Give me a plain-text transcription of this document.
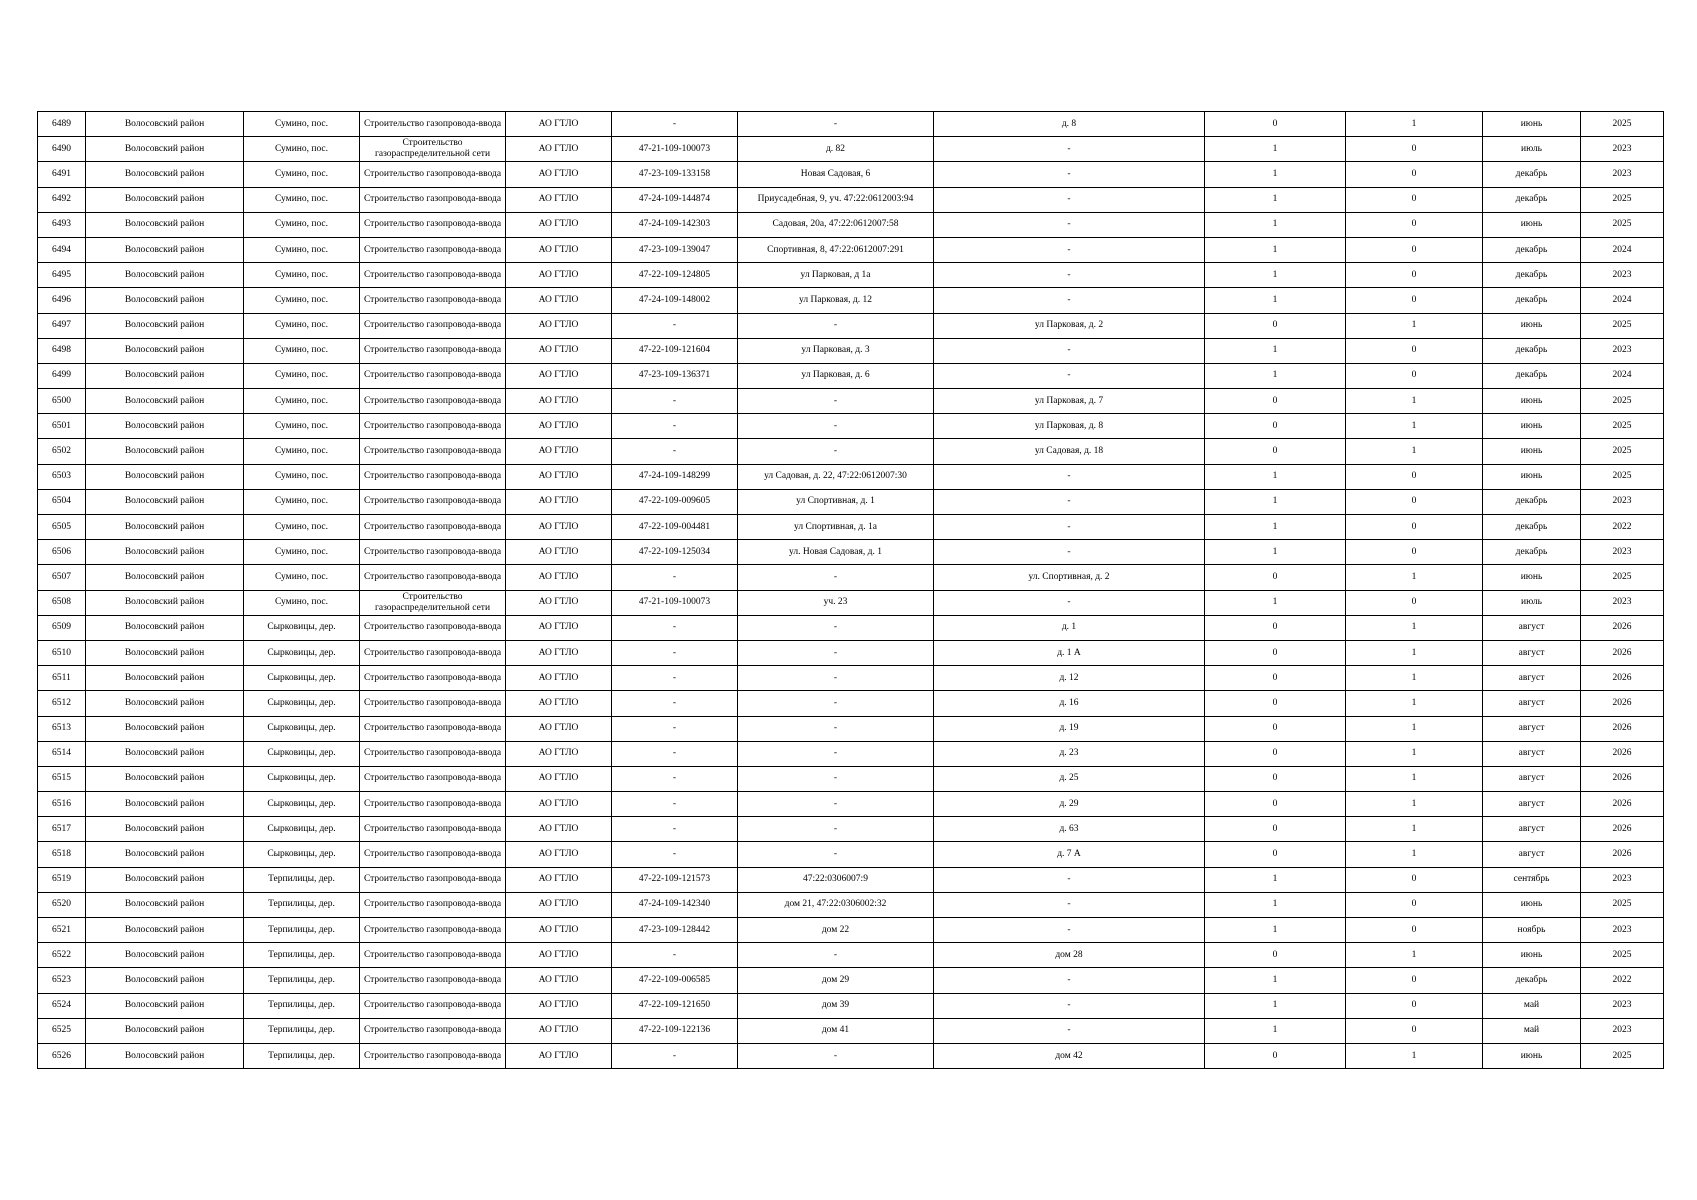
6489	Волосовский район	Сумино, пос.	Строительство газопровода-ввода	АО ГТЛО	-	-	д. 8	0	1	июнь	2025
6490	Волосовский район	Сумино, пос.	Строительство газораспределительной сети	АО ГТЛО	47-21-109-100073	д. 82	-	1	0	июль	2023
6491	Волосовский район	Сумино, пос.	Строительство газопровода-ввода	АО ГТЛО	47-23-109-133158	Новая Садовая, 6	-	1	0	декабрь	2023
6492	Волосовский район	Сумино, пос.	Строительство газопровода-ввода	АО ГТЛО	47-24-109-144874	Приусадебная, 9, уч. 47:22:0612003:94	-	1	0	декабрь	2025
6493	Волосовский район	Сумино, пос.	Строительство газопровода-ввода	АО ГТЛО	47-24-109-142303	Садовая, 20а, 47:22:0612007:58	-	1	0	июнь	2025
6494	Волосовский район	Сумино, пос.	Строительство газопровода-ввода	АО ГТЛО	47-23-109-139047	Спортивная, 8, 47:22:0612007:291	-	1	0	декабрь	2024
6495	Волосовский район	Сумино, пос.	Строительство газопровода-ввода	АО ГТЛО	47-22-109-124805	ул Парковая, д 1а	-	1	0	декабрь	2023
6496	Волосовский район	Сумино, пос.	Строительство газопровода-ввода	АО ГТЛО	47-24-109-148002	ул Парковая, д. 12	-	1	0	декабрь	2024
6497	Волосовский район	Сумино, пос.	Строительство газопровода-ввода	АО ГТЛО	-	-	ул Парковая, д. 2	0	1	июнь	2025
6498	Волосовский район	Сумино, пос.	Строительство газопровода-ввода	АО ГТЛО	47-22-109-121604	ул Парковая, д. 3	-	1	0	декабрь	2023
6499	Волосовский район	Сумино, пос.	Строительство газопровода-ввода	АО ГТЛО	47-23-109-136371	ул Парковая, д. 6	-	1	0	декабрь	2024
6500	Волосовский район	Сумино, пос.	Строительство газопровода-ввода	АО ГТЛО	-	-	ул Парковая, д. 7	0	1	июнь	2025
6501	Волосовский район	Сумино, пос.	Строительство газопровода-ввода	АО ГТЛО	-	-	ул Парковая, д. 8	0	1	июнь	2025
6502	Волосовский район	Сумино, пос.	Строительство газопровода-ввода	АО ГТЛО	-	-	ул Садовая, д. 18	0	1	июнь	2025
6503	Волосовский район	Сумино, пос.	Строительство газопровода-ввода	АО ГТЛО	47-24-109-148299	ул Садовая, д. 22, 47:22:0612007:30	-	1	0	июнь	2025
6504	Волосовский район	Сумино, пос.	Строительство газопровода-ввода	АО ГТЛО	47-22-109-009605	ул Спортивная, д. 1	-	1	0	декабрь	2023
6505	Волосовский район	Сумино, пос.	Строительство газопровода-ввода	АО ГТЛО	47-22-109-004481	ул Спортивная, д. 1а	-	1	0	декабрь	2022
6506	Волосовский район	Сумино, пос.	Строительство газопровода-ввода	АО ГТЛО	47-22-109-125034	ул. Новая Садовая, д. 1	-	1	0	декабрь	2023
6507	Волосовский район	Сумино, пос.	Строительство газопровода-ввода	АО ГТЛО	-	-	ул. Спортивная, д. 2	0	1	июнь	2025
6508	Волосовский район	Сумино, пос.	Строительство газораспределительной сети	АО ГТЛО	47-21-109-100073	уч. 23	-	1	0	июль	2023
6509	Волосовский район	Сырковицы, дер.	Строительство газопровода-ввода	АО ГТЛО	-	-	д. 1	0	1	август	2026
6510	Волосовский район	Сырковицы, дер.	Строительство газопровода-ввода	АО ГТЛО	-	-	д. 1 А	0	1	август	2026
6511	Волосовский район	Сырковицы, дер.	Строительство газопровода-ввода	АО ГТЛО	-	-	д. 12	0	1	август	2026
6512	Волосовский район	Сырковицы, дер.	Строительство газопровода-ввода	АО ГТЛО	-	-	д. 16	0	1	август	2026
6513	Волосовский район	Сырковицы, дер.	Строительство газопровода-ввода	АО ГТЛО	-	-	д. 19	0	1	август	2026
6514	Волосовский район	Сырковицы, дер.	Строительство газопровода-ввода	АО ГТЛО	-	-	д. 23	0	1	август	2026
6515	Волосовский район	Сырковицы, дер.	Строительство газопровода-ввода	АО ГТЛО	-	-	д. 25	0	1	август	2026
6516	Волосовский район	Сырковицы, дер.	Строительство газопровода-ввода	АО ГТЛО	-	-	д. 29	0	1	август	2026
6517	Волосовский район	Сырковицы, дер.	Строительство газопровода-ввода	АО ГТЛО	-	-	д. 63	0	1	август	2026
6518	Волосовский район	Сырковицы, дер.	Строительство газопровода-ввода	АО ГТЛО	-	-	д. 7 А	0	1	август	2026
6519	Волосовский район	Терпилицы, дер.	Строительство газопровода-ввода	АО ГТЛО	47-22-109-121573	47:22:0306007:9	-	1	0	сентябрь	2023
6520	Волосовский район	Терпилицы, дер.	Строительство газопровода-ввода	АО ГТЛО	47-24-109-142340	дом 21, 47:22:0306002:32	-	1	0	июнь	2025
6521	Волосовский район	Терпилицы, дер.	Строительство газопровода-ввода	АО ГТЛО	47-23-109-128442	дом 22	-	1	0	ноябрь	2023
6522	Волосовский район	Терпилицы, дер.	Строительство газопровода-ввода	АО ГТЛО	-	-	дом 28	0	1	июнь	2025
6523	Волосовский район	Терпилицы, дер.	Строительство газопровода-ввода	АО ГТЛО	47-22-109-006585	дом 29	-	1	0	декабрь	2022
6524	Волосовский район	Терпилицы, дер.	Строительство газопровода-ввода	АО ГТЛО	47-22-109-121650	дом 39	-	1	0	май	2023
6525	Волосовский район	Терпилицы, дер.	Строительство газопровода-ввода	АО ГТЛО	47-22-109-122136	дом 41	-	1	0	май	2023
6526	Волосовский район	Терпилицы, дер.	Строительство газопровода-ввода	АО ГТЛО	-	-	дом 42	0	1	июнь	2025
